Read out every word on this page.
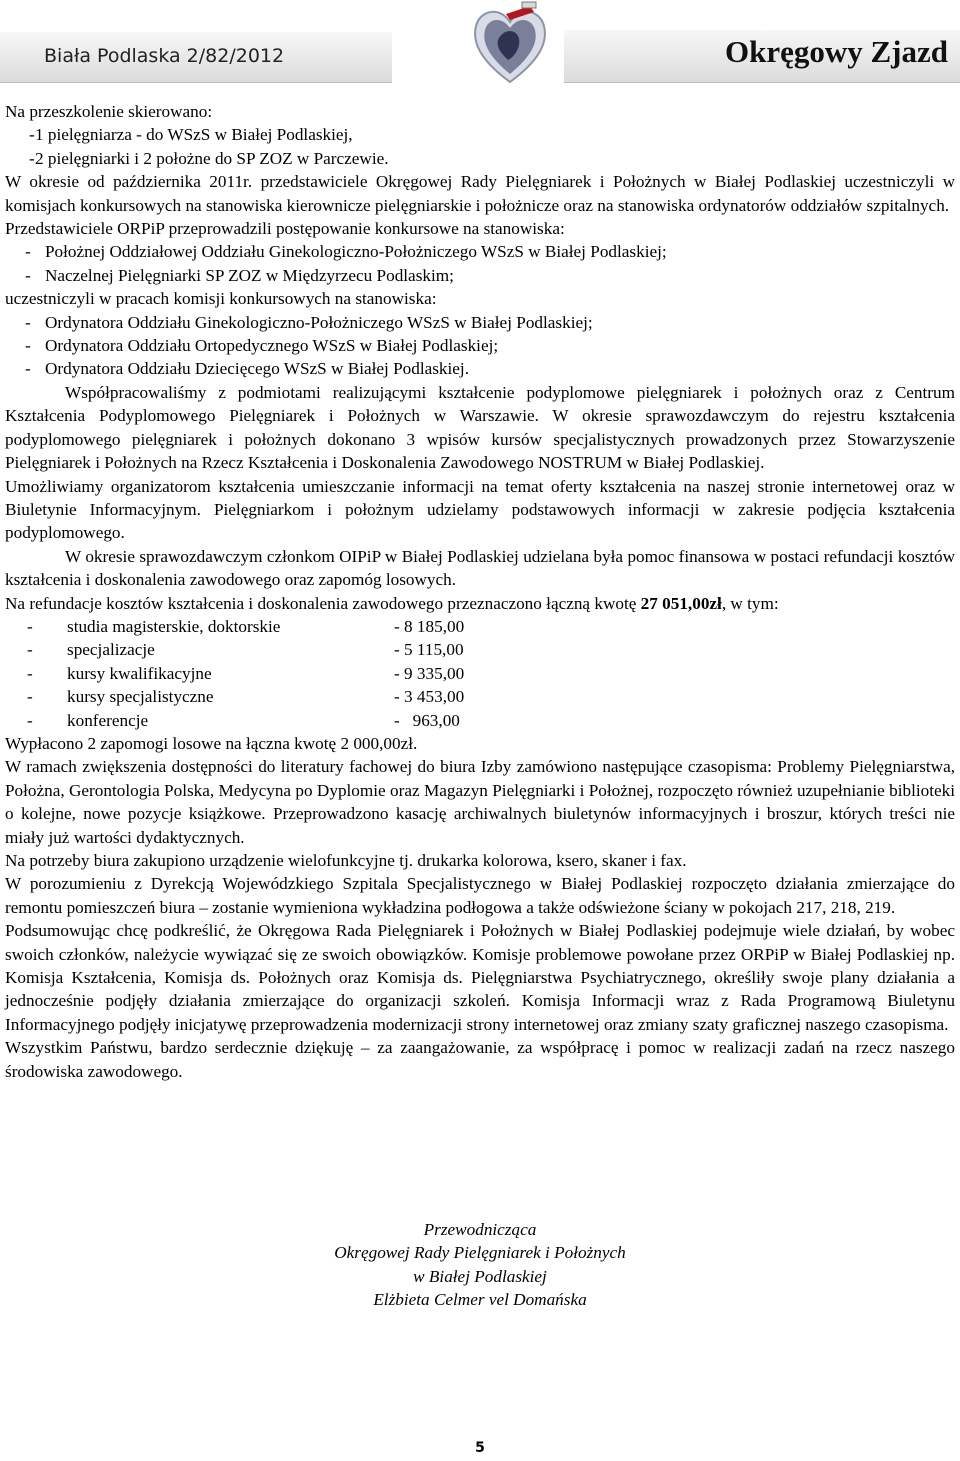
Biała Podlaska 2/82/2012	Okręgowy Zjazd

Na przeszkolenie skierowano:

- 1 pielęgniarza - do WSzS w Białej Podlaskiej,
- 2 pielęgniarki i 2 położne do SP ZOZ w Parczewie.

W okresie od października 2011r. przedstawiciele Okręgowej Rady Pielęgniarek i Położnych w Białej Podlaskiej uczestniczyli w komisjach konkursowych na stanowiska kierownicze pielęgniarskie i położnicze oraz na stanowiska ordynatorów oddziałów szpitalnych.

Przedstawiciele ORPiP przeprowadzili postępowanie konkursowe na stanowiska:

- Położnej Oddziałowej Oddziału Ginekologiczno-Położniczego WSzS w Białej Podlaskiej;
- Naczelnej Pielęgniarki SP ZOZ w Międzyrzecu Podlaskim;

uczestniczyli w pracach komisji konkursowych na stanowiska:

- Ordynatora Oddziału Ginekologiczno-Położniczego WSzS w Białej Podlaskiej;
- Ordynatora Oddziału Ortopedycznego WSzS w Białej Podlaskiej;
- Ordynatora Oddziału Dziecięcego WSzS w Białej Podlaskiej.

Współpracowaliśmy z podmiotami realizującymi kształcenie podyplomowe pielęgniarek i położnych oraz z Centrum Kształcenia Podyplomowego Pielęgniarek i Położnych w Warszawie. W okresie sprawozdawczym do rejestru kształcenia podyplomowego pielęgniarek i położnych dokonano 3 wpisów kursów specjalistycznych prowadzonych przez Stowarzyszenie Pielęgniarek i Położnych na Rzecz Kształcenia i Doskonalenia Zawodowego NOSTRUM w Białej Podlaskiej.

Umożliwiamy organizatorom kształcenia umieszczanie informacji na temat oferty kształcenia na naszej stronie internetowej oraz w Biuletynie Informacyjnym. Pielęgniarkom i położnym udzielamy podstawowych informacji w zakresie podjęcia kształcenia podyplomowego.

W okresie sprawozdawczym członkom OIPiP w Białej Podlaskiej udzielana była pomoc finansowa w postaci refundacji kosztów kształcenia i doskonalenia zawodowego oraz zapomóg losowych.

Na refundacje kosztów kształcenia i doskonalenia zawodowego przeznaczono łączną kwotę 27 051,00zł, w tym:

-	studia magisterskie, doktorskie	- 8 185,00
-	specjalizacje	- 5 115,00
-	kursy kwalifikacyjne	- 9 335,00
-	kursy specjalistyczne	- 3 453,00
-	konferencje	-   963,00

Wypłacono 2 zapomogi losowe na łączna kwotę 2 000,00zł.

W ramach zwiększenia dostępności do literatury fachowej do biura Izby zamówiono następujące czasopisma: Problemy Pielęgniarstwa, Położna, Gerontologia Polska, Medycyna po Dyplomie oraz Magazyn Pielęgniarki i Położnej, rozpoczęto również uzupełnianie biblioteki o kolejne, nowe pozycje książkowe. Przeprowadzono kasację archiwalnych biuletynów informacyjnych i broszur, których treści nie miały już wartości dydaktycznych.

Na potrzeby biura zakupiono urządzenie wielofunkcyjne tj. drukarka kolorowa, ksero, skaner i fax.

W porozumieniu z Dyrekcją Wojewódzkiego Szpitala Specjalistycznego w Białej Podlaskiej rozpoczęto działania zmierzające do remontu pomieszczeń biura – zostanie wymieniona wykładzina podłogowa a także odświeżone ściany w pokojach 217, 218, 219.

Podsumowując chcę podkreślić, że Okręgowa Rada Pielęgniarek i Położnych w Białej Podlaskiej podejmuje wiele działań, by wobec swoich członków, należycie wywiązać się ze swoich obowiązków. Komisje problemowe powołane przez ORPiP w Białej Podlaskiej np. Komisja Kształcenia, Komisja ds. Położnych oraz Komisja ds. Pielęgniarstwa Psychiatrycznego, określiły swoje plany działania a jednocześnie podjęły działania zmierzające do organizacji szkoleń. Komisja Informacji wraz z Rada Programową Biuletynu Informacyjnego podjęły inicjatywę przeprowadzenia modernizacji strony internetowej oraz zmiany szaty graficznej naszego czasopisma.

Wszystkim Państwu, bardzo serdecznie dziękuję – za zaangażowanie, za współpracę i pomoc w realizacji zadań na rzecz naszego środowiska zawodowego.

Przewodnicząca
Okręgowej Rady Pielęgniarek i Położnych
w Białej Podlaskiej
Elżbieta Celmer vel Domańska
5
